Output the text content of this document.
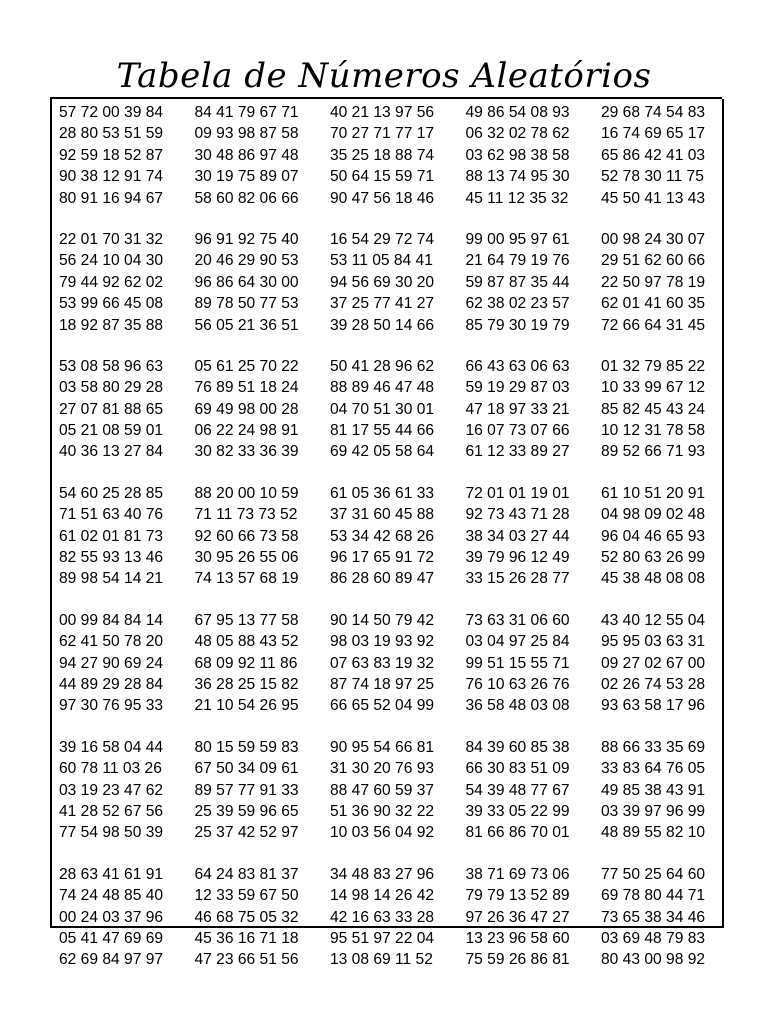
Tabela de Números Aleatórios
57 72 00 39 84	84 41 79 67 71	40 21 13 97 56	49 86 54 08 93	29 68 74 54 83
28 80 53 51 59	09 93 98 87 58	70 27 71 77 17	06 32 02 78 62	16 74 69 65 17
92 59 18 52 87	30 48 86 97 48	35 25 18 88 74	03 62 98 38 58	65 86 42 41 03
90 38 12 91 74	30 19 75 89 07	50 64 15 59 71	88 13 74 95 30	52 78 30 11 75
80 91 16 94 67	58 60 82 06 66	90 47 56 18 46	45 11 12 35 32	45 50 41 13 43
22 01 70 31 32	96 91 92 75 40	16 54 29 72 74	99 00 95 97 61	00 98 24 30 07
56 24 10 04 30	20 46 29 90 53	53 11 05 84 41	21 64 79 19 76	29 51 62 60 66
79 44 92 62 02	96 86 64 30 00	94 56 69 30 20	59 87 87 35 44	22 50 97 78 19
53 99 66 45 08	89 78 50 77 53	37 25 77 41 27	62 38 02 23 57	62 01 41 60 35
18 92 87 35 88	56 05 21 36 51	39 28 50 14 66	85 79 30 19 79	72 66 64 31 45
53 08 58 96 63	05 61 25 70 22	50 41 28 96 62	66 43 63 06 63	01 32 79 85 22
03 58 80 29 28	76 89 51 18 24	88 89 46 47 48	59 19 29 87 03	10 33 99 67 12
27 07 81 88 65	69 49 98 00 28	04 70 51 30 01	47 18 97 33 21	85 82 45 43 24
05 21 08 59 01	06 22 24 98 91	81 17 55 44 66	16 07 73 07 66	10 12 31 78 58
40 36 13 27 84	30 82 33 36 39	69 42 05 58 64	61 12 33 89 27	89 52 66 71 93
54 60 25 28 85	88 20 00 10 59	61 05 36 61 33	72 01 01 19 01	61 10 51 20 91
71 51 63 40 76	71 11 73 73 52	37 31 60 45 88	92 73 43 71 28	04 98 09 02 48
61 02 01 81 73	92 60 66 73 58	53 34 42 68 26	38 34 03 27 44	96 04 46 65 93
82 55 93 13 46	30 95 26 55 06	96 17 65 91 72	39 79 96 12 49	52 80 63 26 99
89 98 54 14 21	74 13 57 68 19	86 28 60 89 47	33 15 26 28 77	45 38 48 08 08
00 99 84 84 14	67 95 13 77 58	90 14 50 79 42	73 63 31 06 60	43 40 12 55 04
62 41 50 78 20	48 05 88 43 52	98 03 19 93 92	03 04 97 25 84	95 95 03 63 31
94 27 90 69 24	68 09 92 11 86	07 63 83 19 32	99 51 15 55 71	09 27 02 67 00
44 89 29 28 84	36 28 25 15 82	87 74 18 97 25	76 10 63 26 76	02 26 74 53 28
97 30 76 95 33	21 10 54 26 95	66 65 52 04 99	36 58 48 03 08	93 63 58 17 96
39 16 58 04 44	80 15 59 59 83	90 95 54 66 81	84 39 60 85 38	88 66 33 35 69
60 78 11 03 26	67 50 34 09 61	31 30 20 76 93	66 30 83 51 09	33 83 64 76 05
03 19 23 47 62	89 57 77 91 33	88 47 60 59 37	54 39 48 77 67	49 85 38 43 91
41 28 52 67 56	25 39 59 96 65	51 36 90 32 22	39 33 05 22 99	03 39 97 96 99
77 54 98 50 39	25 37 42 52 97	10 03 56 04 92	81 66 86 70 01	48 89 55 82 10
28 63 41 61 91	64 24 83 81 37	34 48 83 27 96	38 71 69 73 06	77 50 25 64 60
74 24 48 85 40	12 33 59 67 50	14 98 14 26 42	79 79 13 52 89	69 78 80 44 71
00 24 03 37 96	46 68 75 05 32	42 16 63 33 28	97 26 36 47 27	73 65 38 34 46
05 41 47 69 69	45 36 16 71 18	95 51 97 22 04	13 23 96 58 60	03 69 48 79 83
62 69 84 97 97	47 23 66 51 56	13 08 69 11 52	75 59 26 86 81	80 43 00 98 92
